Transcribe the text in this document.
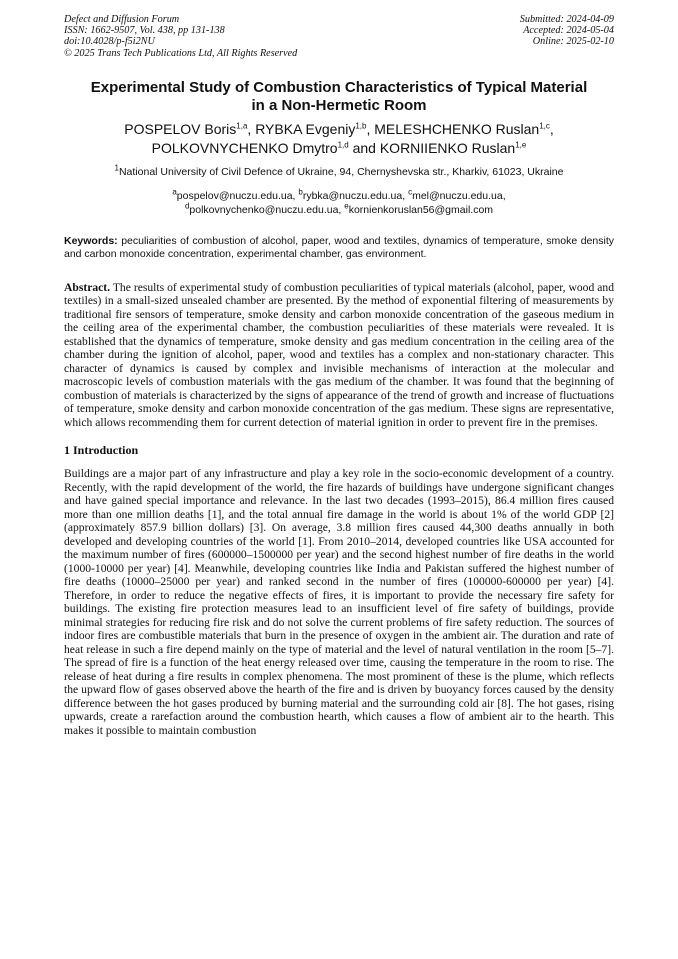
Defect and Diffusion Forum
ISSN: 1662-9507, Vol. 438, pp 131-138
doi:10.4028/p-f5i2NU
© 2025 Trans Tech Publications Ltd, All Rights Reserved
Submitted: 2024-04-09
Accepted: 2024-05-04
Online: 2025-02-10
Experimental Study of Combustion Characteristics of Typical Material in a Non-Hermetic Room
POSPELOV Boris$^{1,a}$, RYBKA Evgeniy$^{1,b}$, MELESHCHENKO Ruslan$^{1,c}$,
POLKOVNYCHENKO Dmytro$^{1,d}$ and KORNIIENKO Ruslan$^{1,e}$
$^1$National University of Civil Defence of Ukraine, 94, Chernyshevska str., Kharkiv, 61023, Ukraine
$^a$pospelov@nuczu.edu.ua, $^b$rybka@nuczu.edu.ua, $^c$mel@nuczu.edu.ua,
$^d$polkovnychenko@nuczu.edu.ua, $^e$kornienkoruslan56@gmail.com
Keywords: peculiarities of combustion of alcohol, paper, wood and textiles, dynamics of temperature, smoke density and carbon monoxide concentration, experimental chamber, gas environment.
Abstract. The results of experimental study of combustion peculiarities of typical materials (alcohol, paper, wood and textiles) in a small-sized unsealed chamber are presented. By the method of exponential filtering of measurements by traditional fire sensors of temperature, smoke density and carbon monoxide concentration of the gaseous medium in the ceiling area of the experimental chamber, the combustion peculiarities of these materials were revealed. It is established that the dynamics of temperature, smoke density and gas medium concentration in the ceiling area of the chamber during the ignition of alcohol, paper, wood and textiles has a complex and non-stationary character. This character of dynamics is caused by complex and invisible mechanisms of interaction at the molecular and macroscopic levels of combustion materials with the gas medium of the chamber. It was found that the beginning of combustion of materials is characterized by the signs of appearance of the trend of growth and increase of fluctuations of temperature, smoke density and carbon monoxide concentration of the gas medium. These signs are representative, which allows recommending them for current detection of material ignition in order to prevent fire in the premises.
1 Introduction
Buildings are a major part of any infrastructure and play a key role in the socio-economic development of a country. Recently, with the rapid development of the world, the fire hazards of buildings have undergone significant changes and have gained special importance and relevance. In the last two decades (1993–2015), 86.4 million fires caused more than one million deaths [1], and the total annual fire damage in the world is about 1% of the world GDP [2] (approximately 857.9 billion dollars) [3]. On average, 3.8 million fires caused 44,300 deaths annually in both developed and developing countries of the world [1]. From 2010–2014, developed countries like USA accounted for the maximum number of fires (600000–1500000 per year) and the second highest number of fire deaths in the world (1000-10000 per year) [4]. Meanwhile, developing countries like India and Pakistan suffered the highest number of fire deaths (10000–25000 per year) and ranked second in the number of fires (100000-600000 per year) [4]. Therefore, in order to reduce the negative effects of fires, it is important to provide the necessary fire safety for buildings. The existing fire protection measures lead to an insufficient level of fire safety of buildings, provide minimal strategies for reducing fire risk and do not solve the current problems of fire safety reduction. The sources of indoor fires are combustible materials that burn in the presence of oxygen in the ambient air. The duration and rate of heat release in such a fire depend mainly on the type of material and the level of natural ventilation in the room [5–7]. The spread of fire is a function of the heat energy released over time, causing the temperature in the room to rise. The release of heat during a fire results in complex phenomena. The most prominent of these is the plume, which reflects the upward flow of gases observed above the hearth of the fire and is driven by buoyancy forces caused by the density difference between the hot gases produced by burning material and the surrounding cold air [8]. The hot gases, rising upwards, create a rarefaction around the combustion hearth, which causes a flow of ambient air to the hearth. This makes it possible to maintain combustion
